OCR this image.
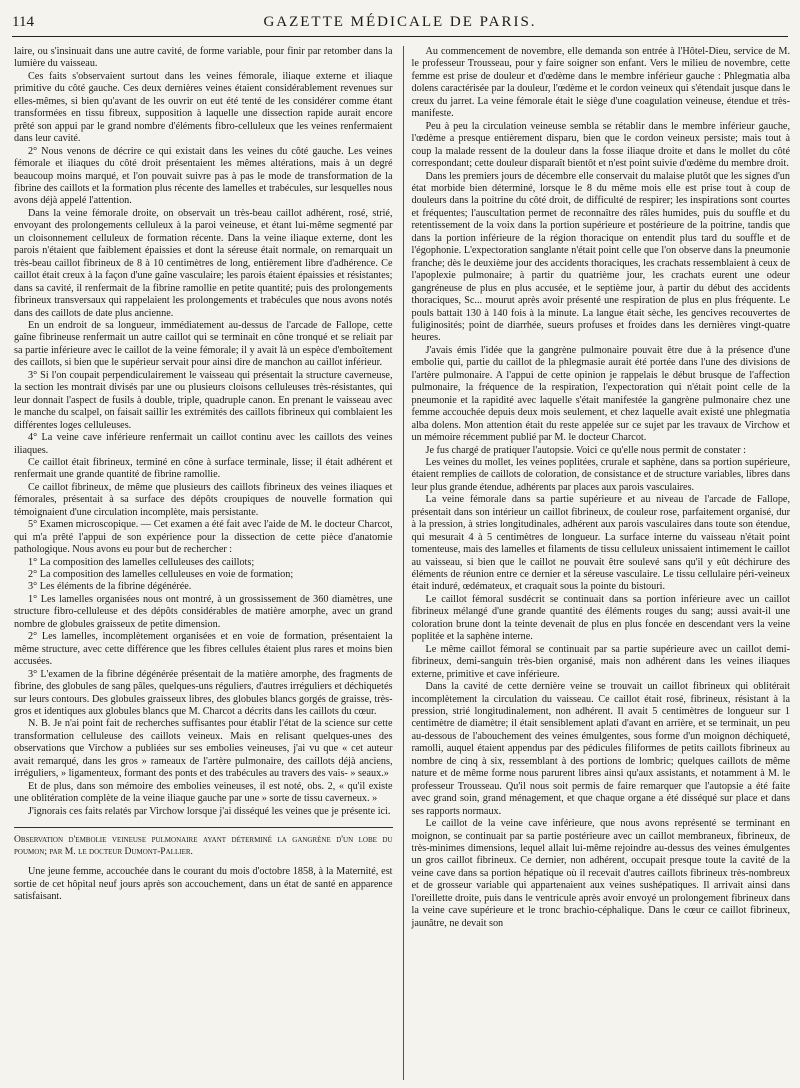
114	GAZETTE MÉDICALE DE PARIS.

laire, ou s'insinuait dans une autre cavité, de forme variable, pour finir par retomber dans la lumière du vaisseau.

Ces faits s'observaient surtout dans les veines fémorale, iliaque externe et iliaque primitive du côté gauche. Ces deux dernières veines étaient considérablement revenues sur elles-mêmes, si bien qu'avant de les ouvrir on eut été tenté de les considérer comme étant transformées en tissu fibreux, supposition à laquelle une dissection rapide aurait encore prêté son appui par le grand nombre d'éléments fibro-celluleux que les veines renfermaient dans leur cavité.

2° Nous venons de décrire ce qui existait dans les veines du côté gauche. Les veines fémorale et iliaques du côté droit présentaient les mêmes altérations, mais à un degré beaucoup moins marqué, et l'on pouvait suivre pas à pas le mode de transformation de la fibrine des caillots et la formation plus récente des lamelles et trabécules, sur lesquelles nous avons déjà appelé l'attention.

Dans la veine fémorale droite, on observait un très-beau caillot adhérent, rosé, strié, envoyant des prolongements celluleux à la paroi veineuse, et étant lui-même segmenté par un cloisonnement celluleux de formation récente. Dans la veine iliaque externe, dont les parois n'étaient que faiblement épaissies et dont la séreuse était normale, on remarquait un très-beau caillot fibrineux de 8 à 10 centimètres de long, entièrement libre d'adhérence. Ce caillot était creux à la façon d'une gaîne vasculaire; les parois étaient épaissies et résistantes; dans sa cavité, il renfermait de la fibrine ramollie en petite quantité; puis des prolongements fibrineux transversaux qui rappelaient les prolongements et trabécules que nous avons notés dans des caillots de date plus ancienne.

En un endroit de sa longueur, immédiatement au-dessus de l'arcade de Fallope, cette gaîne fibrineuse renfermait un autre caillot qui se terminait en cône tronqué et se reliait par sa partie inférieure avec le caillot de la veine fémorale; il y avait là un espèce d'emboîtement des caillots, si bien que le supérieur servait pour ainsi dire de manchon au caillot inférieur.

3° Si l'on coupait perpendiculairement le vaisseau qui présentait la structure caverneuse, la section les montrait divisés par une ou plusieurs cloisons celluleuses très-résistantes, qui leur donnait l'aspect de fusils à double, triple, quadruple canon. En prenant le vaisseau avec le manche du scalpel, on faisait saillir les extrémités des caillots fibrineux qui comblaient les différentes loges celluleuses.

4° La veine cave inférieure renfermait un caillot continu avec les caillots des veines iliaques.

Ce caillot était fibrineux, terminé en cône à surface terminale, lisse; il était adhérent et renfermait une grande quantité de fibrine ramollie.

Ce caillot fibrineux, de même que plusieurs des caillots fibrineux des veines iliaques et fémorales, présentait à sa surface des dépôts croupiques de nouvelle formation qui témoignaient d'une circulation incomplète, mais persistante.

5° Examen microscopique. — Cet examen a été fait avec l'aide de M. le docteur Charcot, qui m'a prêté l'appui de son expérience pour la dissection de cette pièce d'anatomie pathologique. Nous avons eu pour but de rechercher :

1° La composition des lamelles celluleuses des caillots;

2° La composition des lamelles celluleuses en voie de formation;

3° Les éléments de la fibrine dégénérée.

1° Les lamelles organisées nous ont montré, à un grossissement de 360 diamètres, une structure fibro-celluleuse et des dépôts considérables de matière amorphe, avec un grand nombre de globules graisseux de petite dimension.

2° Les lamelles, incomplètement organisées et en voie de formation, présentaient la même structure, avec cette différence que les fibres cellules étaient plus rares et moins bien accusées.

3° L'examen de la fibrine dégénérée présentait de la matière amorphe, des fragments de fibrine, des globules de sang pâles, quelques-uns réguliers, d'autres irréguliers et déchiquetés sur leurs contours. Des globules graisseux libres, des globules blancs gorgés de graisse, très-gros et identiques aux globules blancs que M. Charcot a décrits dans les caillots du cœur.

N. B. Je n'ai point fait de recherches suffisantes pour établir l'état de la science sur cette transformation celluleuse des caillots veineux. Mais en relisant quelques-unes des observations que Virchow a publiées sur ses embolies veineuses, j'ai vu que « cet auteur avait remarqué, dans les gros » rameaux de l'artère pulmonaire, des caillots déjà anciens, irréguliers, » ligamenteux, formant des ponts et des trabécules au travers des vais- » seaux.»

Et de plus, dans son mémoire des embolies veineuses, il est noté, obs. 2, « qu'il existe une oblitération complète de la veine iliaque gauche par une » sorte de tissu caverneux. »

J'ignorais ces faits relatés par Virchow lorsque j'ai disséqué les veines que je présente ici.

Observation d'embolie veineuse pulmonaire ayant déterminé la gangrène d'un lobe du poumon; par M. le docteur Dumont-Pallier.

Une jeune femme, accouchée dans le courant du mois d'octobre 1858, à la Maternité, est sortie de cet hôpital neuf jours après son accouchement, dans un état de santé en apparence satisfaisant.

Au commencement de novembre, elle demanda son entrée à l'Hôtel-Dieu, service de M. le professeur Trousseau, pour y faire soigner son enfant. Vers le milieu de novembre, cette femme est prise de douleur et d'œdème dans le membre inférieur gauche : Phlegmatia alba dolens caractérisée par la douleur, l'œdème et le cordon veineux qui s'étendait jusque dans le creux du jarret. La veine fémorale était le siège d'une coagulation veineuse, étendue et très-manifeste.

Peu à peu la circulation veineuse sembla se rétablir dans le membre inférieur gauche, l'œdème a presque entièrement disparu, bien que le cordon veineux persiste; mais tout à coup la malade ressent de la douleur dans la fosse iliaque droite et dans le mollet du côté correspondant; cette douleur disparaît bientôt et n'est point suivie d'œdème du membre droit.

Dans les premiers jours de décembre elle conservait du malaise plutôt que les signes d'un état morbide bien déterminé, lorsque le 8 du même mois elle est prise tout à coup de douleurs dans la poitrine du côté droit, de difficulté de respirer; les inspirations sont courtes et fréquentes; l'auscultation permet de reconnaître des râles humides, puis du souffle et du retentissement de la voix dans la portion supérieure et postérieure de la poitrine, tandis que dans la portion inférieure de la région thoracique on entendit plus tard du souffle et de l'égophonie. L'expectoration sanglante n'était point celle que l'on observe dans la pneumonie franche; dès le deuxième jour des accidents thoraciques, les crachats ressemblaient à ceux de l'apoplexie pulmonaire; à partir du quatrième jour, les crachats eurent une odeur gangréneuse de plus en plus accusée, et le septième jour, à partir du début des accidents thoraciques, Sc... mourut après avoir présenté une respiration de plus en plus fréquente. Le pouls battait 130 à 140 fois à la minute. La langue était sèche, les gencives recouvertes de fuliginosités; point de diarrhée, sueurs profuses et froides dans les dernières vingt-quatre heures.

J'avais émis l'idée que la gangrène pulmonaire pouvait être due à la présence d'une embolie qui, partie du caillot de la phlegmasie aurait été portée dans l'une des divisions de l'artère pulmonaire. A l'appui de cette opinion je rappelais le début brusque de l'affection pulmonaire, la fréquence de la respiration, l'expectoration qui n'était point celle de la pneumonie et la rapidité avec laquelle s'était manifestée la gangrène pulmonaire chez une femme accouchée depuis deux mois seulement, et chez laquelle avait existé une phlegmatia alba dolens. Mon attention était du reste appelée sur ce sujet par les travaux de Virchow et un mémoire récemment publié par M. le docteur Charcot.

Je fus chargé de pratiquer l'autopsie. Voici ce qu'elle nous permit de constater :

Les veines du mollet, les veines poplitées, crurale et saphène, dans sa portion supérieure, étaient remplies de caillots de coloration, de consistance et de structure variables, libres dans leur plus grande étendue, adhérents par places aux parois vasculaires.

La veine fémorale dans sa partie supérieure et au niveau de l'arcade de Fallope, présentait dans son intérieur un caillot fibrineux, de couleur rose, parfaitement organisé, dur à la pression, à stries longitudinales, adhérent aux parois vasculaires dans toute son étendue, qui mesurait 4 à 5 centimètres de longueur. La surface interne du vaisseau n'était point tomenteuse, mais des lamelles et filaments de tissu celluleux unissaient intimement le caillot au vaisseau, si bien que le caillot ne pouvait être soulevé sans qu'il y eût déchirure des éléments de réunion entre ce dernier et la séreuse vasculaire. Le tissu cellulaire péri-veineux était induré, œdémateux, et craquait sous la pointe du bistouri.

Le caillot fémoral susdécrit se continuait dans sa portion inférieure avec un caillot fibrineux mélangé d'une grande quantité des éléments rouges du sang; aussi avait-il une coloration brune dont la teinte devenait de plus en plus foncée en descendant vers la veine poplitée et la saphène interne.

Le même caillot fémoral se continuait par sa partie supérieure avec un caillot demi-fibrineux, demi-sanguin très-bien organisé, mais non adhérent dans les veines iliaques externe, primitive et cave inférieure.

Dans la cavité de cette dernière veine se trouvait un caillot fibrineux qui oblitérait incomplètement la circulation du vaisseau. Ce caillot était rosé, fibrineux, résistant à la pression, strié longitudinalement, non adhérent. Il avait 5 centimètres de longueur sur 1 centimètre de diamètre; il était sensiblement aplati d'avant en arrière, et se terminait, un peu au-dessous de l'abouchement des veines émulgentes, sous forme d'un moignon déchiqueté, ramolli, auquel étaient appendus par des pédicules filiformes de petits caillots fibrineux au nombre de cinq à six, ressemblant à des portions de lombric; quelques caillots de même nature et de même forme nous parurent libres ainsi qu'aux assistants, et notamment à M. le professeur Trousseau. Qu'il nous soit permis de faire remarquer que l'autopsie a été faite avec grand soin, grand ménagement, et que chaque organe a été disséqué sur place et dans ses rapports normaux.

Le caillot de la veine cave inférieure, que nous avons représenté se terminant en moignon, se continuait par sa partie postérieure avec un caillot membraneux, fibrineux, de très-minimes dimensions, lequel allait lui-même rejoindre au-dessus des veines émulgentes un gros caillot fibrineux. Ce dernier, non adhérent, occupait presque toute la cavité de la veine cave dans sa portion hépatique où il recevait d'autres caillots fibrineux très-nombreux et de grosseur variable qui appartenaient aux veines sushépatiques. Il arrivait ainsi dans l'oreillette droite, puis dans le ventricule après avoir envoyé un prolongement fibrineux dans la veine cave supérieure et le tronc brachio-céphalique. Dans le cœur ce caillot fibrineux, jaunâtre, ne devait son
